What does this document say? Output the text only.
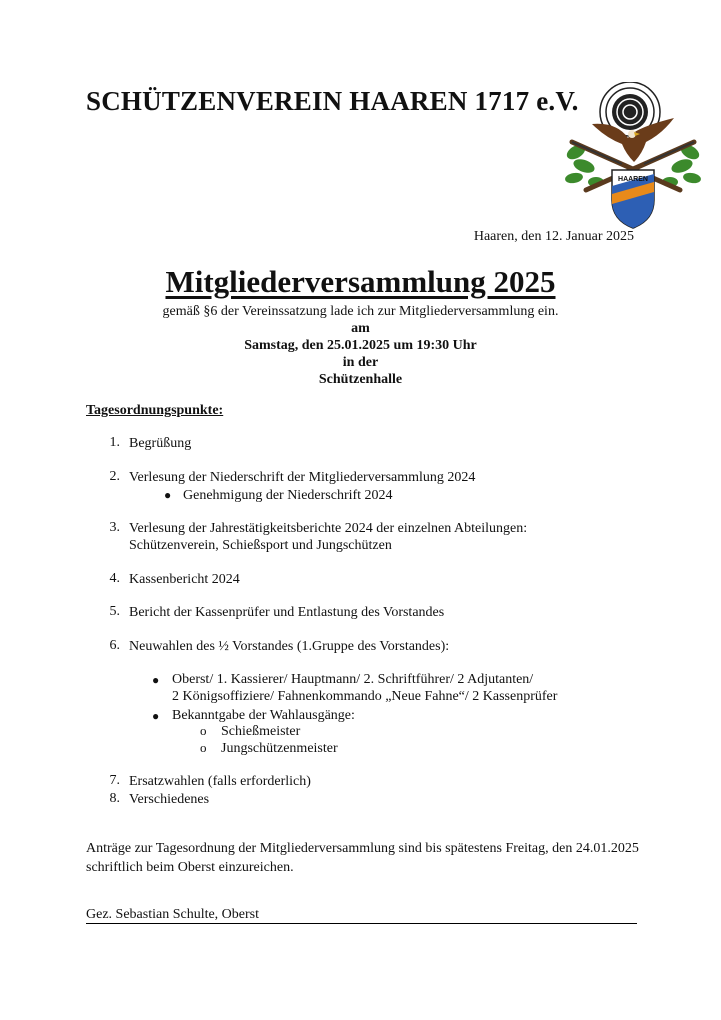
SCHÜTZENVEREIN HAAREN 1717 e.V.
HAAREN
Haaren, den 12. Januar 2025
Mitgliederversammlung 2025
gemäß §6 der Vereinssatzung lade ich zur Mitgliederversammlung ein.
am
Samstag, den 25.01.2025 um 19:30 Uhr
in der
Schützenhalle
Tagesordnungspunkte:
1. Begrüßung
2. Verlesung der Niederschrift der Mitgliederversammlung 2024
● Genehmigung der Niederschrift 2024
3. Verlesung der Jahrestätigkeitsberichte 2024 der einzelnen Abteilungen:
Schützenverein, Schießsport und Jungschützen
4. Kassenbericht 2024
5. Bericht der Kassenprüfer und Entlastung des Vorstandes
6. Neuwahlen des ½ Vorstandes (1.Gruppe des Vorstandes):
● Oberst/ 1. Kassierer/ Hauptmann/ 2. Schriftführer/ 2 Adjutanten/
2 Königsoffiziere/ Fahnenkommando „Neue Fahne“/ 2 Kassenprüfer
● Bekanntgabe der Wahlausgänge:
o Schießmeister
o Jungschützenmeister
7. Ersatzwahlen (falls erforderlich)
8. Verschiedenes
Anträge zur Tagesordnung der Mitgliederversammlung sind bis spätestens Freitag, den 24.01.2025 schriftlich beim Oberst einzureichen.
Gez. Sebastian Schulte, Oberst
